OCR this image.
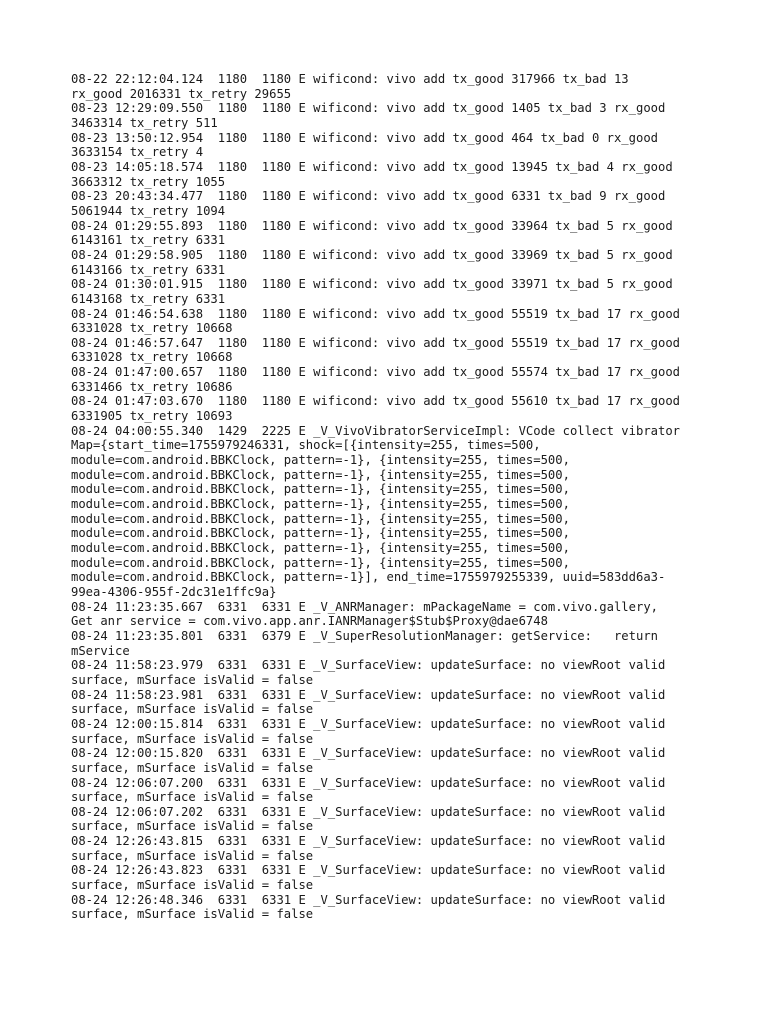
08-22 22:12:04.124  1180  1180 E wificond: vivo add tx_good 317966 tx_bad 13

rx_good 2016331 tx_retry 29655

08-23 12:29:09.550  1180  1180 E wificond: vivo add tx_good 1405 tx_bad 3 rx_good

3463314 tx_retry 511

08-23 13:50:12.954  1180  1180 E wificond: vivo add tx_good 464 tx_bad 0 rx_good

3633154 tx_retry 4

08-23 14:05:18.574  1180  1180 E wificond: vivo add tx_good 13945 tx_bad 4 rx_good

3663312 tx_retry 1055

08-23 20:43:34.477  1180  1180 E wificond: vivo add tx_good 6331 tx_bad 9 rx_good

5061944 tx_retry 1094

08-24 01:29:55.893  1180  1180 E wificond: vivo add tx_good 33964 tx_bad 5 rx_good

6143161 tx_retry 6331

08-24 01:29:58.905  1180  1180 E wificond: vivo add tx_good 33969 tx_bad 5 rx_good

6143166 tx_retry 6331

08-24 01:30:01.915  1180  1180 E wificond: vivo add tx_good 33971 tx_bad 5 rx_good

6143168 tx_retry 6331

08-24 01:46:54.638  1180  1180 E wificond: vivo add tx_good 55519 tx_bad 17 rx_good

6331028 tx_retry 10668

08-24 01:46:57.647  1180  1180 E wificond: vivo add tx_good 55519 tx_bad 17 rx_good

6331028 tx_retry 10668

08-24 01:47:00.657  1180  1180 E wificond: vivo add tx_good 55574 tx_bad 17 rx_good

6331466 tx_retry 10686

08-24 01:47:03.670  1180  1180 E wificond: vivo add tx_good 55610 tx_bad 17 rx_good

6331905 tx_retry 10693

08-24 04:00:55.340  1429  2225 E _V_VivoVibratorServiceImpl: VCode collect vibrator

Map={start_time=1755979246331, shock=[{intensity=255, times=500,

module=com.android.BBKClock, pattern=-1}, {intensity=255, times=500,

module=com.android.BBKClock, pattern=-1}, {intensity=255, times=500,

module=com.android.BBKClock, pattern=-1}, {intensity=255, times=500,

module=com.android.BBKClock, pattern=-1}, {intensity=255, times=500,

module=com.android.BBKClock, pattern=-1}, {intensity=255, times=500,

module=com.android.BBKClock, pattern=-1}, {intensity=255, times=500,

module=com.android.BBKClock, pattern=-1}, {intensity=255, times=500,

module=com.android.BBKClock, pattern=-1}, {intensity=255, times=500,

module=com.android.BBKClock, pattern=-1}], end_time=1755979255339, uuid=583dd6a3-

99ea-4306-955f-2dc31e1ffc9a}

08-24 11:23:35.667  6331  6331 E _V_ANRManager: mPackageName = com.vivo.gallery,

Get anr service = com.vivo.app.anr.IANRManager$Stub$Proxy@dae6748

08-24 11:23:35.801  6331  6379 E _V_SuperResolutionManager: getService:   return

mService

08-24 11:58:23.979  6331  6331 E _V_SurfaceView: updateSurface: no viewRoot valid

surface, mSurface isValid = false

08-24 11:58:23.981  6331  6331 E _V_SurfaceView: updateSurface: no viewRoot valid

surface, mSurface isValid = false

08-24 12:00:15.814  6331  6331 E _V_SurfaceView: updateSurface: no viewRoot valid

surface, mSurface isValid = false

08-24 12:00:15.820  6331  6331 E _V_SurfaceView: updateSurface: no viewRoot valid

surface, mSurface isValid = false

08-24 12:06:07.200  6331  6331 E _V_SurfaceView: updateSurface: no viewRoot valid

surface, mSurface isValid = false

08-24 12:06:07.202  6331  6331 E _V_SurfaceView: updateSurface: no viewRoot valid

surface, mSurface isValid = false

08-24 12:26:43.815  6331  6331 E _V_SurfaceView: updateSurface: no viewRoot valid

surface, mSurface isValid = false

08-24 12:26:43.823  6331  6331 E _V_SurfaceView: updateSurface: no viewRoot valid

surface, mSurface isValid = false

08-24 12:26:48.346  6331  6331 E _V_SurfaceView: updateSurface: no viewRoot valid

surface, mSurface isValid = false
